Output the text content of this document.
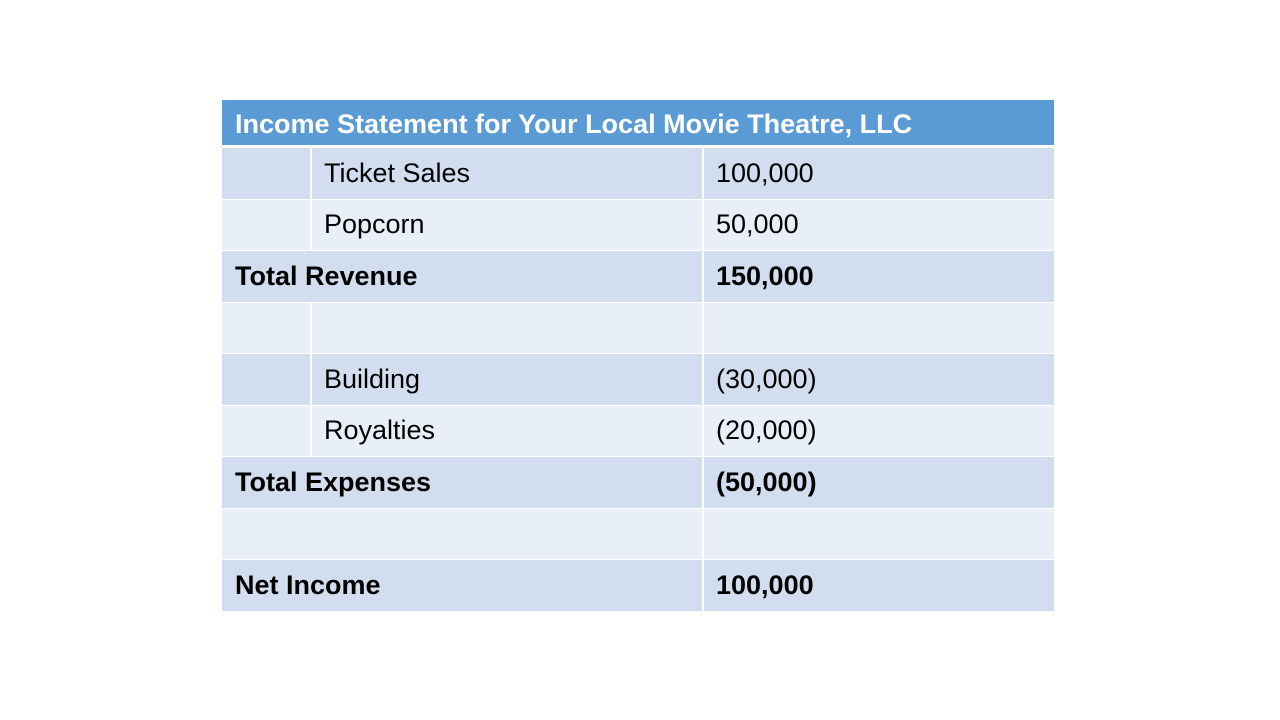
Income Statement for Your Local Movie Theatre, LLC
Ticket Sales	100,000
Popcorn	50,000
Total Revenue	150,000
Building	(30,000)
Royalties	(20,000)
Total Expenses	(50,000)
Net Income	100,000
